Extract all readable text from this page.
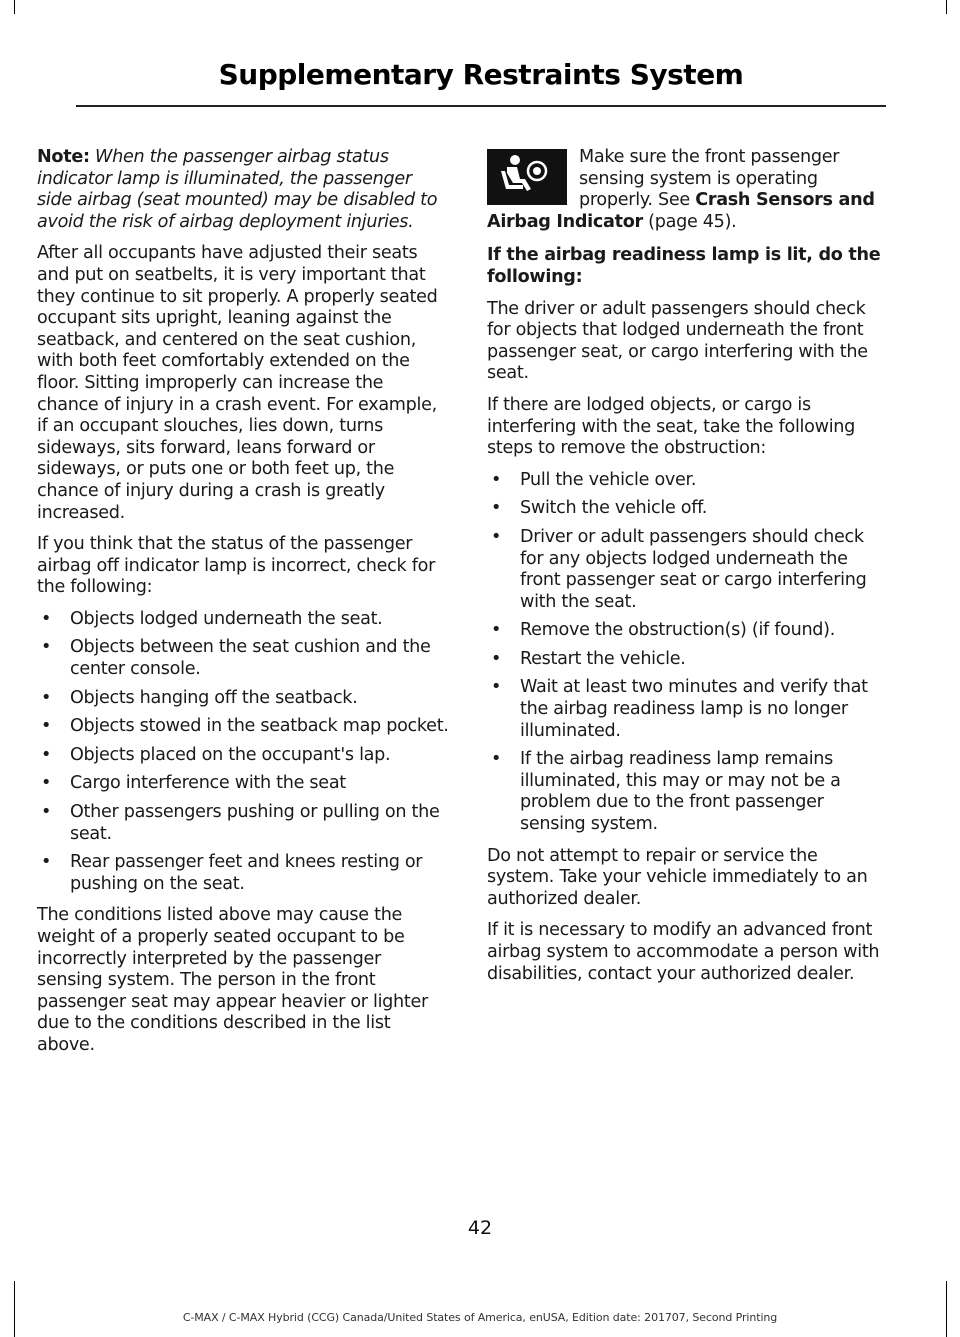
Supplementary Restraints System

Note: When the passenger airbag status indicator lamp is illuminated, the passenger side airbag (seat mounted) may be disabled to avoid the risk of airbag deployment injuries.

After all occupants have adjusted their seats and put on seatbelts, it is very important that they continue to sit properly. A properly seated occupant sits upright, leaning against the seatback, and centered on the seat cushion, with both feet comfortably extended on the floor. Sitting improperly can increase the chance of injury in a crash event. For example, if an occupant slouches, lies down, turns sideways, sits forward, leans forward or sideways, or puts one or both feet up, the chance of injury during a crash is greatly increased.

If you think that the status of the passenger airbag off indicator lamp is incorrect, check for the following:

• Objects lodged underneath the seat.
• Objects between the seat cushion and the center console.
• Objects hanging off the seatback.
• Objects stowed in the seatback map pocket.
• Objects placed on the occupant's lap.
• Cargo interference with the seat
• Other passengers pushing or pulling on the seat.
• Rear passenger feet and knees resting or pushing on the seat.

The conditions listed above may cause the weight of a properly seated occupant to be incorrectly interpreted by the passenger sensing system. The person in the front passenger seat may appear heavier or lighter due to the conditions described in the list above.

Make sure the front passenger sensing system is operating properly. See Crash Sensors and Airbag Indicator (page 45).

If the airbag readiness lamp is lit, do the following:

The driver or adult passengers should check for objects that lodged underneath the front passenger seat, or cargo interfering with the seat.

If there are lodged objects, or cargo is interfering with the seat, take the following steps to remove the obstruction:

• Pull the vehicle over.
• Switch the vehicle off.
• Driver or adult passengers should check for any objects lodged underneath the front passenger seat or cargo interfering with the seat.
• Remove the obstruction(s) (if found).
• Restart the vehicle.
• Wait at least two minutes and verify that the airbag readiness lamp is no longer illuminated.
• If the airbag readiness lamp remains illuminated, this may or may not be a problem due to the front passenger sensing system.

Do not attempt to repair or service the system. Take your vehicle immediately to an authorized dealer.

If it is necessary to modify an advanced front airbag system to accommodate a person with disabilities, contact your authorized dealer.

42
C-MAX / C-MAX Hybrid (CCG) Canada/United States of America, enUSA, Edition date: 201707, Second Printing
